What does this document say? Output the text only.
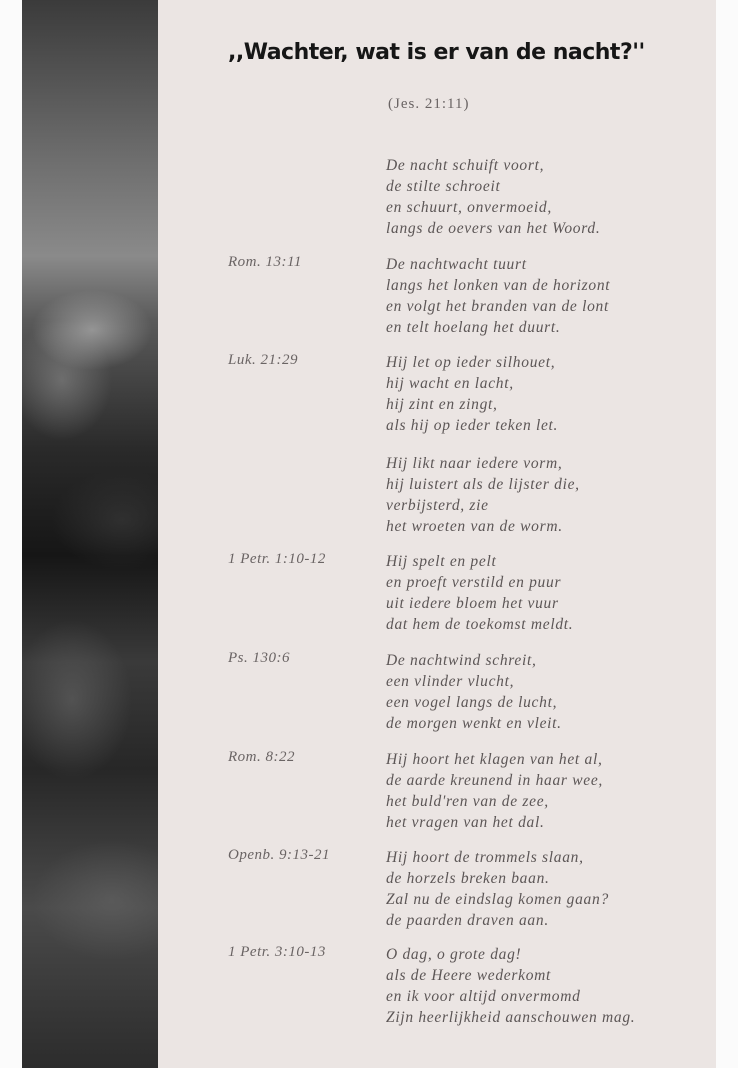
,,Wachter, wat is er van de nacht?''
(Jes. 21:11)
De nacht schuift voort,
de stilte schroeit
en schuurt, onvermoeid,
langs de oevers van het Woord.
Rom. 13:11	De nachtwacht tuurt
langs het lonken van de horizont
en volgt het branden van de lont
en telt hoelang het duurt.
Luk. 21:29	Hij let op ieder silhouet,
hij wacht en lacht,
hij zint en zingt,
als hij op ieder teken let.
Hij likt naar iedere vorm,
hij luistert als de lijster die,
verbijsterd, zie
het wroeten van de worm.
1 Petr. 1:10-12	Hij spelt en pelt
en proeft verstild en puur
uit iedere bloem het vuur
dat hem de toekomst meldt.
Ps. 130:6	De nachtwind schreit,
een vlinder vlucht,
een vogel langs de lucht,
de morgen wenkt en vleit.
Rom. 8:22	Hij hoort het klagen van het al,
de aarde kreunend in haar wee,
het buld'ren van de zee,
het vragen van het dal.
Openb. 9:13-21	Hij hoort de trommels slaan,
de horzels breken baan.
Zal nu de eindslag komen gaan?
de paarden draven aan.
1 Petr. 3:10-13	O dag, o grote dag!
als de Heere wederkomt
en ik voor altijd onvermomd
Zijn heerlijkheid aanschouwen mag.
